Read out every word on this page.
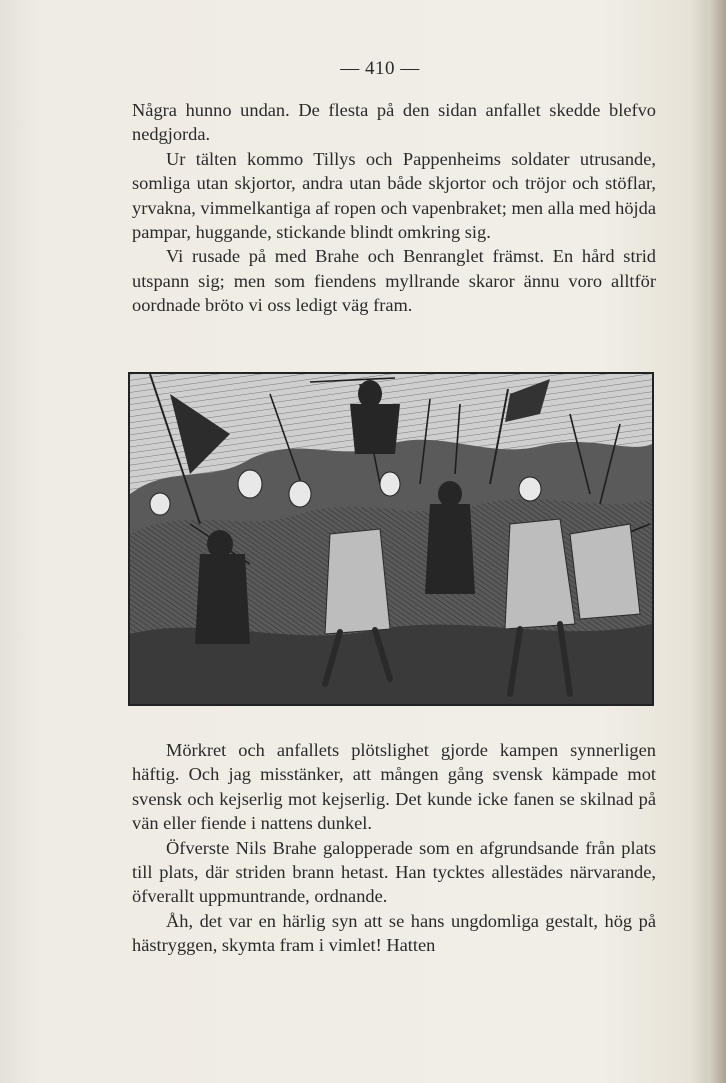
— 410 —

Några hunno undan. De flesta på den sidan anfallet skedde blefvo nedgjorda.

Ur tälten kommo Tillys och Pappenheims soldater utrusande, somliga utan skjortor, andra utan både skjortor och tröjor och stöflar, yrvakna, vimmelkantiga af ropen och vapenbraket; men alla med höjda pampar, huggande, stickande blindt omkring sig.

Vi rusade på med Brahe och Benranglet främst. En hård strid utspann sig; men som fiendens myllrande skaror ännu voro alltför oordnade bröto vi oss ledigt väg fram.

Mörkret och anfallets plötslighet gjorde kampen synnerligen häftig. Och jag misstänker, att mången gång svensk kämpade mot svensk och kejserlig mot kejserlig. Det kunde icke fanen se skilnad på vän eller fiende i nattens dunkel.

Öfverste Nils Brahe galopperade som en afgrundsande från plats till plats, där striden brann hetast. Han tycktes allestädes närvarande, öfverallt uppmuntrande, ordnande.

Åh, det var en härlig syn att se hans ungdomliga gestalt, hög på hästryggen, skymta fram i vimlet! Hatten
